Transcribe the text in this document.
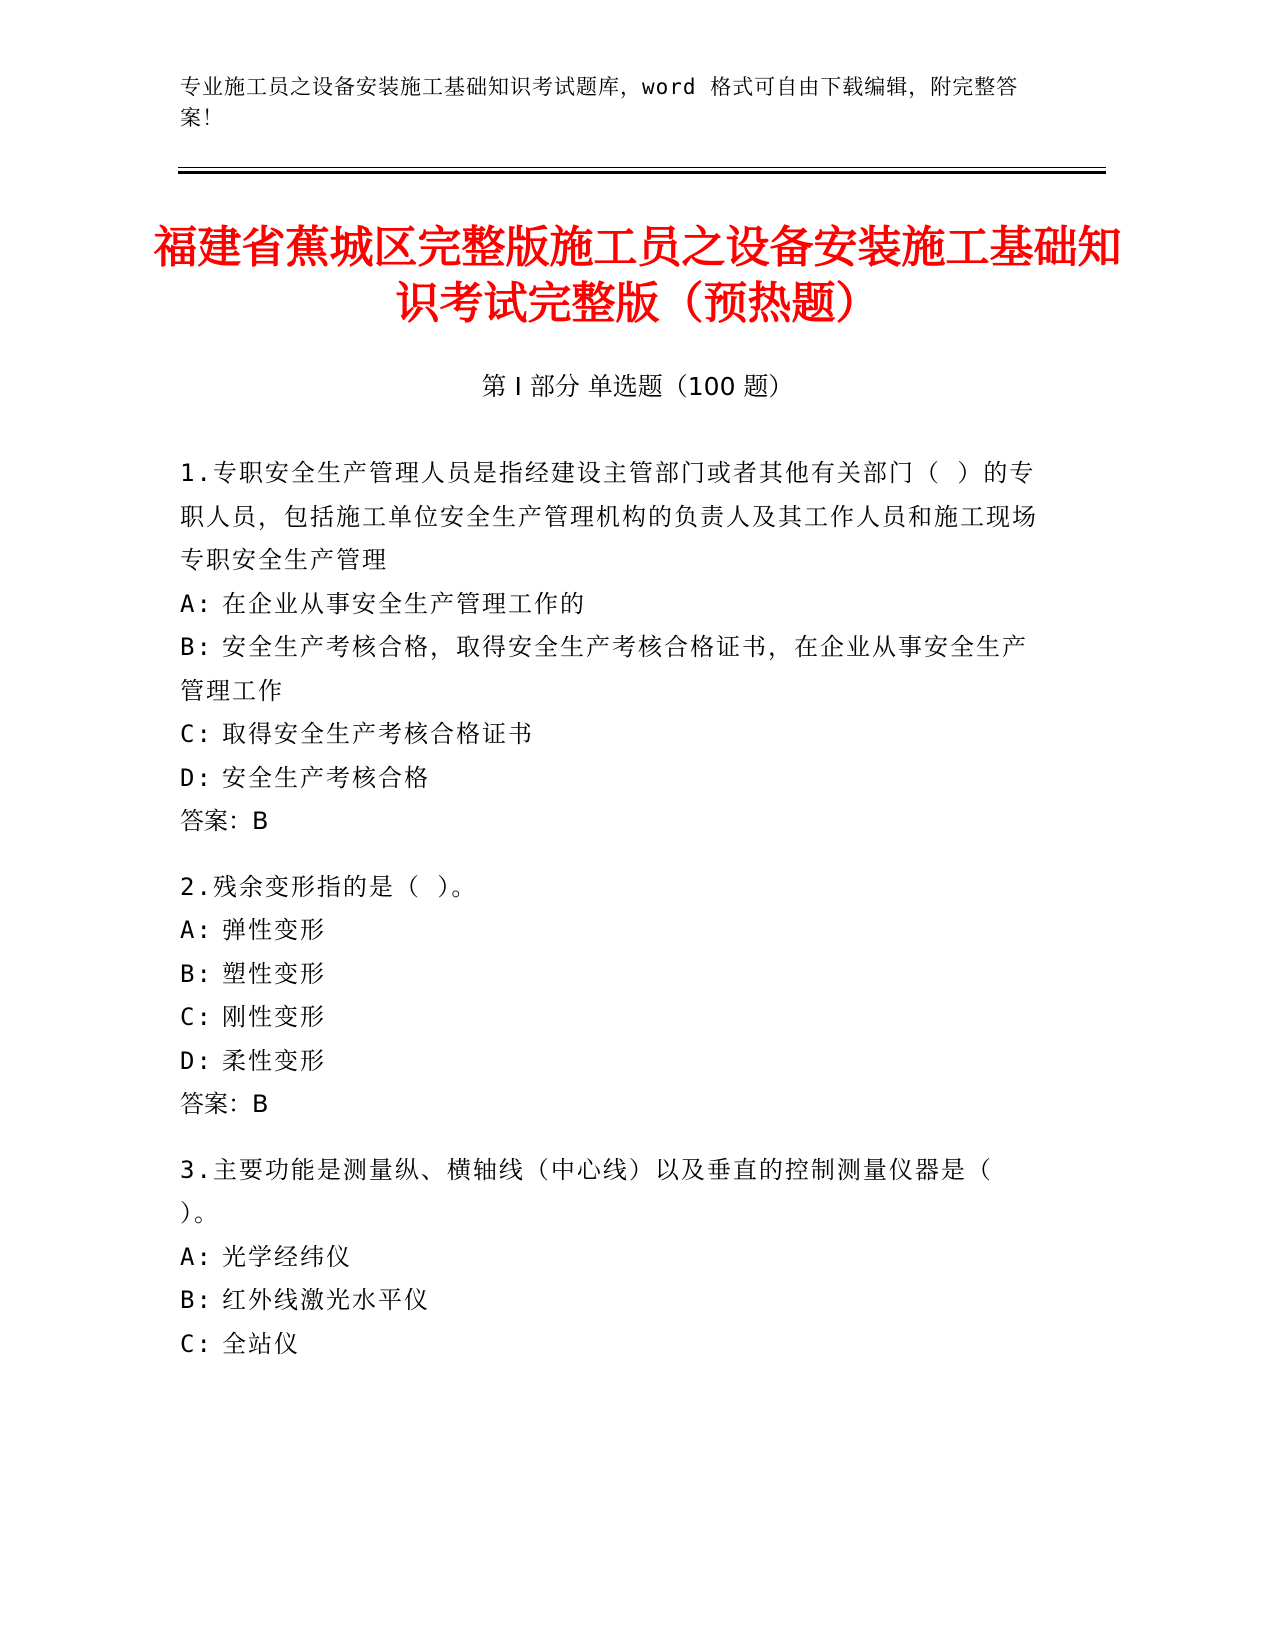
专业施工员之设备安装施工基础知识考试题库，word 格式可自由下载编辑，附完整答案！
福建省蕉城区完整版施工员之设备安装施工基础知识考试完整版（预热题）
第 I 部分 单选题（100 题）
1.专职安全生产管理人员是指经建设主管部门或者其他有关部门（ ）的专职人员，包括施工单位安全生产管理机构的负责人及其工作人员和施工现场专职安全生产管理
A: 在企业从事安全生产管理工作的
B: 安全生产考核合格，取得安全生产考核合格证书，在企业从事安全生产管理工作
C: 取得安全生产考核合格证书
D: 安全生产考核合格
答案：B
2.残余变形指的是（ ）。
A: 弹性变形
B: 塑性变形
C: 刚性变形
D: 柔性变形
答案：B
3.主要功能是测量纵、横轴线（中心线）以及垂直的控制测量仪器是（ ）。
A: 光学经纬仪
B: 红外线激光水平仪
C: 全站仪
